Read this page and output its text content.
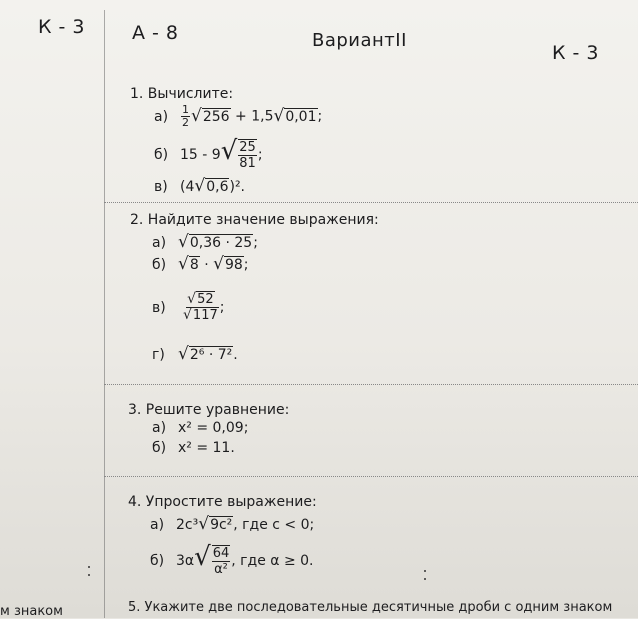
К - 3 А - 8	ВариантII
К - 3
1. Вычислите:
$а) \frac{1}{2} √256 + 1,5√0,01$;
б) $15 - 9√ \frac{25}{81}$ ;
в) (4√0,6)².
2. Найдите значение выражения:
а) √0,36 · 25;
б) √8 · √98;
$в) \frac{√52}{√117}$ ;
г) √2⁶ · 7².
3. Решите уравнение:
а) x² = 0,09;
б) x² = 11.
4. Упростите выражение:
а) 2c³√9c², где c < 0;
б) $3\alpha√ \frac{64}{\text{α²}}$ , где α ≥ 0.
5. Укажите две последовательные десятичные дроби с одним знаком
м знаком
